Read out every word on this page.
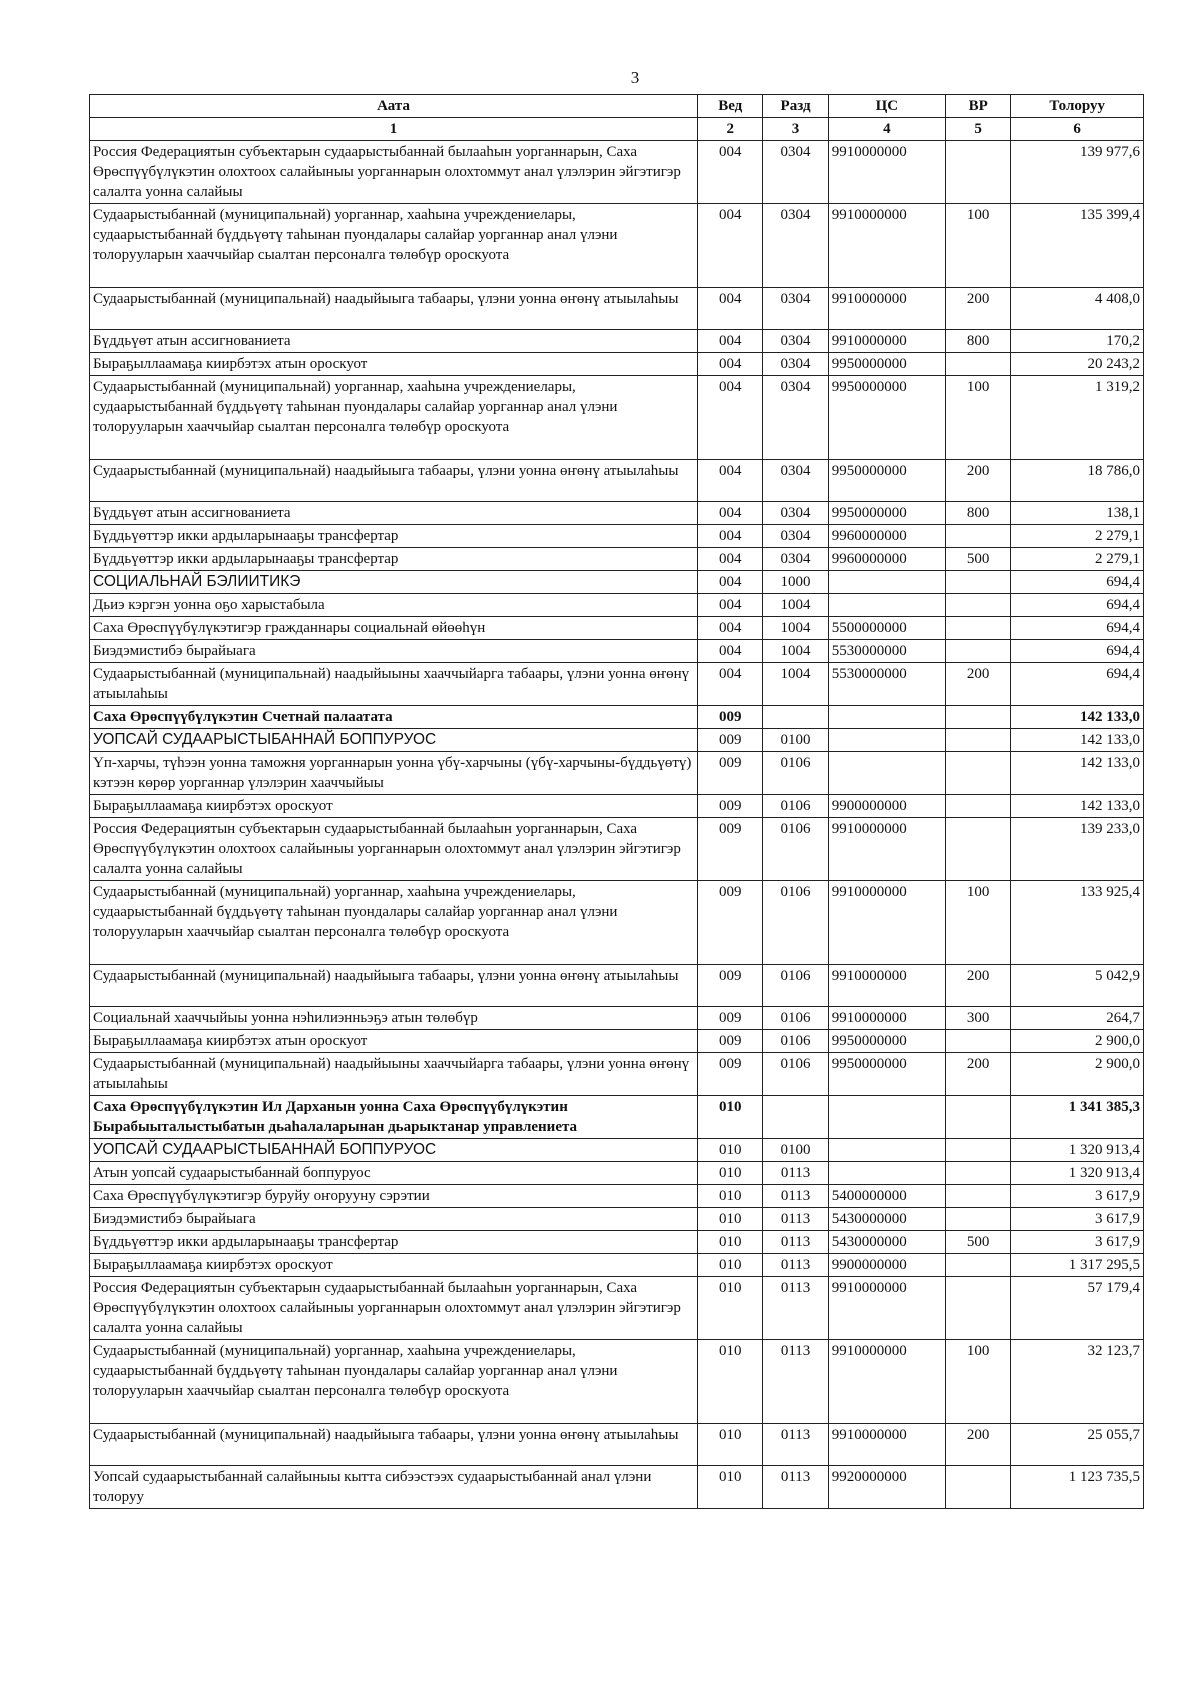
3
Аата	Вед	Разд	ЦС	ВР	Толоруу
1	2	3	4	5	6
Россия Федерациятын субъектарын судаарыстыбаннай былааһын уорганнарын, Саха Өрөспүүбүлүкэтин олохтоох салайыныы уорганнарын олохтоммут анал үлэлэрин эйгэтигэр салалта уонна салайыы	004	0304	9910000000		139 977,6
Судаарыстыбаннай (муниципальнай) уорганнар, хааһына учреждениелары, судаарыстыбаннай бүддьүөтү таһынан пуондалары салайар уорганнар анал үлэни толорууларын хааччыйар сыалтан персоналга төлөбүр ороскуота	004	0304	9910000000	100	135 399,4
Судаарыстыбаннай (муниципальнай) наадыйыыга табаары, үлэни уонна өҥөнү атыылаһыы	004	0304	9910000000	200	4 408,0
Бүддьүөт атын ассигнованиета	004	0304	9910000000	800	170,2
Быраҕыллаамаҕа киирбэтэх атын ороскуот	004	0304	9950000000		20 243,2
Судаарыстыбаннай (муниципальнай) уорганнар, хааһына учреждениелары, судаарыстыбаннай бүддьүөтү таһынан пуондалары салайар уорганнар анал үлэни толорууларын хааччыйар сыалтан персоналга төлөбүр ороскуота	004	0304	9950000000	100	1 319,2
Судаарыстыбаннай (муниципальнай) наадыйыыга табаары, үлэни уонна өҥөнү атыылаһыы	004	0304	9950000000	200	18 786,0
Бүддьүөт атын ассигнованиета	004	0304	9950000000	800	138,1
Бүддьүөттэр икки ардыларынааҕы трансфертар	004	0304	9960000000		2 279,1
Бүддьүөттэр икки ардыларынааҕы трансфертар	004	0304	9960000000	500	2 279,1
СОЦИАЛЬНАЙ БЭЛИИТИКЭ	004	1000			694,4
Дьиэ кэргэн уонна оҕо харыстабыла	004	1004			694,4
Саха Өрөспүүбүлүкэтигэр гражданнары социальнай өйөөһүн	004	1004	5500000000		694,4
Биэдэмистибэ бырайыага	004	1004	5530000000		694,4
Судаарыстыбаннай (муниципальнай) наадыйыыны хааччыйарга табаары, үлэни уонна өҥөнү атыылаһыы	004	1004	5530000000	200	694,4
Саха Өрөспүүбүлүкэтин Счетнай палаатата	009				142 133,0
УОПСАЙ СУДААРЫСТЫБАННАЙ БОППУРУОС	009	0100			142 133,0
Үп-харчы, түһээн уонна таможня уорганнарын уонна үбү-харчыны (үбү-харчыны-бүддьүөтү) кэтээн көрөр уорганнар үлэлэрин хааччыйыы	009	0106			142 133,0
Быраҕыллаамаҕа киирбэтэх ороскуот	009	0106	9900000000		142 133,0
Россия Федерациятын субъектарын судаарыстыбаннай былааһын уорганнарын, Саха Өрөспүүбүлүкэтин олохтоох салайыныы уорганнарын олохтоммут анал үлэлэрин эйгэтигэр салалта уонна салайыы	009	0106	9910000000		139 233,0
Судаарыстыбаннай (муниципальнай) уорганнар, хааһына учреждениелары, судаарыстыбаннай бүддьүөтү таһынан пуондалары салайар уорганнар анал үлэни толорууларын хааччыйар сыалтан персоналга төлөбүр ороскуота	009	0106	9910000000	100	133 925,4
Судаарыстыбаннай (муниципальнай) наадыйыыга табаары, үлэни уонна өҥөнү атыылаһыы	009	0106	9910000000	200	5 042,9
Социальнай хааччыйыы уонна нэһилиэнньэҕэ атын төлөбүр	009	0106	9910000000	300	264,7
Быраҕыллаамаҕа киирбэтэх атын ороскуот	009	0106	9950000000		2 900,0
Судаарыстыбаннай (муниципальнай) наадыйыыны хааччыйарга табаары, үлэни уонна өҥөнү атыылаһыы	009	0106	9950000000	200	2 900,0
Саха Өрөспүүбүлүкэтин Ил Дарханын уонна Саха Өрөспүүбүлүкэтин Бырабыыталыстыбатын дьаһалаларынан дьарыктанар управлениета	010				1 341 385,3
УОПСАЙ СУДААРЫСТЫБАННАЙ БОППУРУОС	010	0100			1 320 913,4
Атын уопсай судаарыстыбаннай боппуруос	010	0113			1 320 913,4
Саха Өрөспүүбүлүкэтигэр буруйу оҥорууну сэрэтии	010	0113	5400000000		3 617,9
Биэдэмистибэ бырайыага	010	0113	5430000000		3 617,9
Бүддьүөттэр икки ардыларынааҕы трансфертар	010	0113	5430000000	500	3 617,9
Быраҕыллаамаҕа киирбэтэх ороскуот	010	0113	9900000000		1 317 295,5
Россия Федерациятын субъектарын судаарыстыбаннай былааһын уорганнарын, Саха Өрөспүүбүлүкэтин олохтоох салайыныы уорганнарын олохтоммут анал үлэлэрин эйгэтигэр салалта уонна салайыы	010	0113	9910000000		57 179,4
Судаарыстыбаннай (муниципальнай) уорганнар, хааһына учреждениелары, судаарыстыбаннай бүддьүөтү таһынан пуондалары салайар уорганнар анал үлэни толорууларын хааччыйар сыалтан персоналга төлөбүр ороскуота	010	0113	9910000000	100	32 123,7
Судаарыстыбаннай (муниципальнай) наадыйыыга табаары, үлэни уонна өҥөнү атыылаһыы	010	0113	9910000000	200	25 055,7
Уопсай судаарыстыбаннай салайыныы кытта сибээстээх судаарыстыбаннай анал үлэни толоруу	010	0113	9920000000		1 123 735,5
